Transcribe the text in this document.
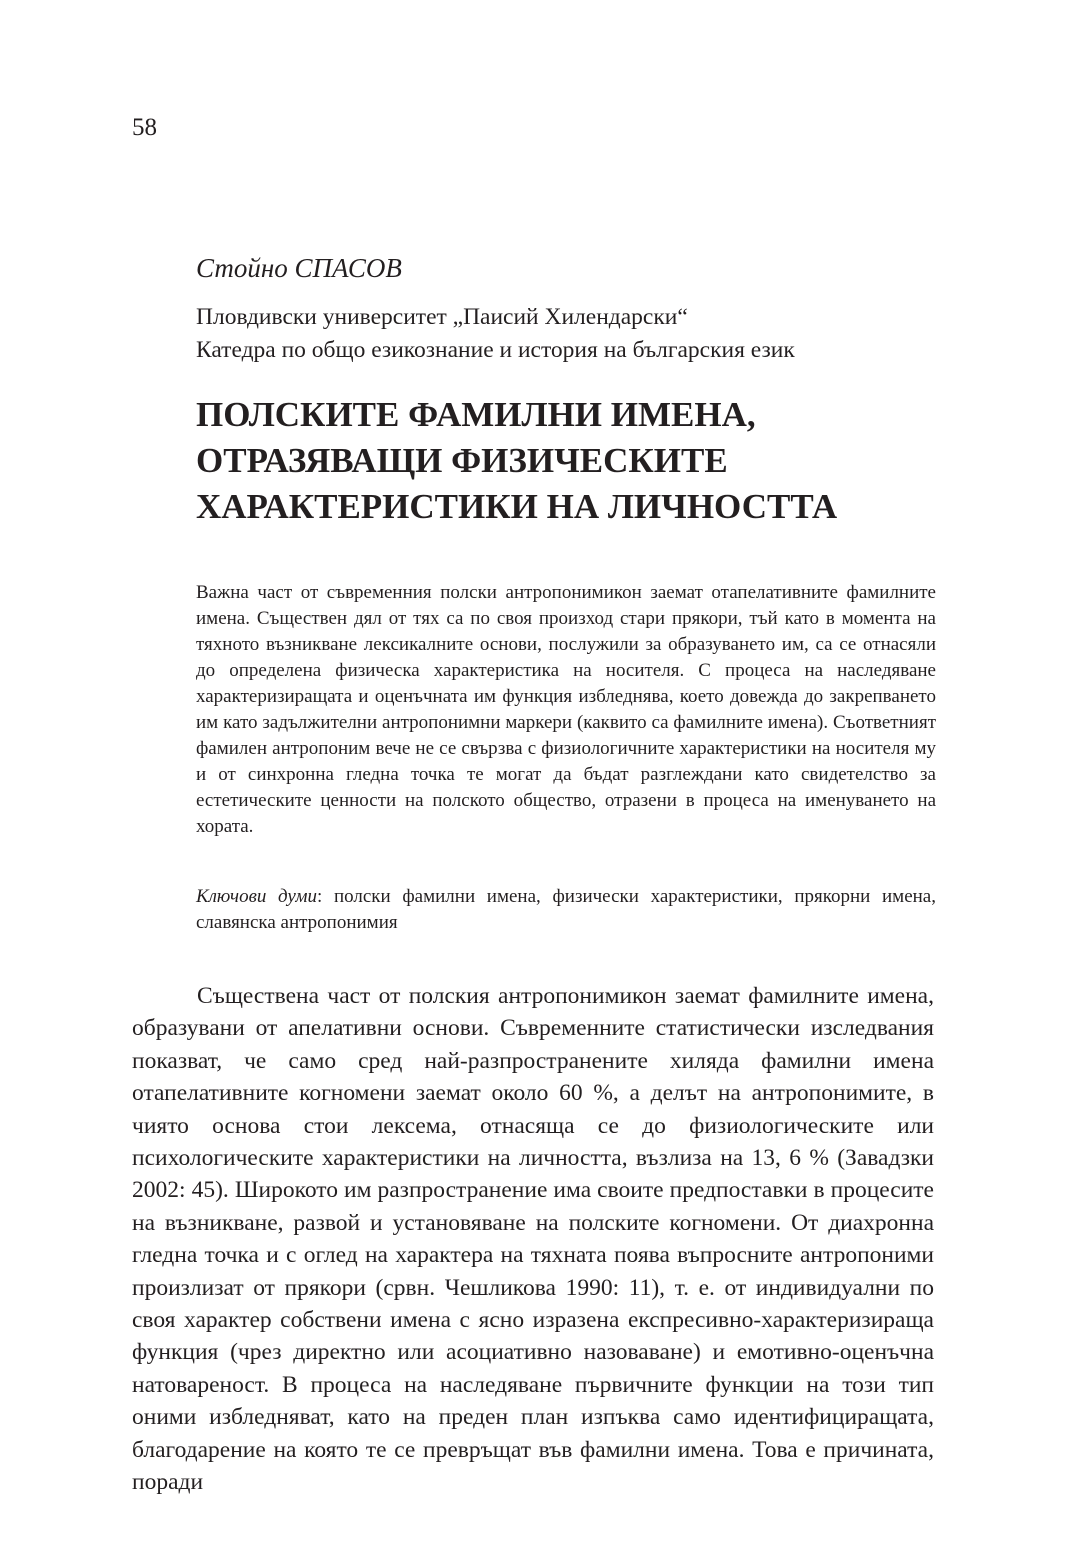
58
Стойно СПАСОВ
Пловдивски университет „Паисий Хилендарски“
Катедра по общо езикознание и история на българския език
ПОЛСКИТЕ ФАМИЛНИ ИМЕНА,
ОТРАЗЯВАЩИ ФИЗИЧЕСКИТЕ
ХАРАКТЕРИСТИКИ НА ЛИЧНОСТТА

Важна част от съвременния полски антропонимикон заемат отапелативните фамилните имена. Съществен дял от тях са по своя произход стари прякори, тъй като в момента на тяхното възникване лексикалните основи, послужили за образуването им, са се отнасяли до определена физическа характеристика на носителя. С процеса на наследяване характеризиращата и оценъчната им функция избледнява, което довежда до закрепването им като задължителни антропонимни маркери (каквито са фамилните имена). Съответният фамилен антропоним вече не се свързва с физиологичните характеристики на носителя му и от синхронна гледна точка те могат да бъдат разглеждани като свидетелство за естетическите ценности на полското общество, отразени в процеса на именуването на хората.

Ключови думи: полски фамилни имена, физически характеристики, прякорни имена, славянска антропонимия

Съществена част от полския антропонимикон заемат фамилните имена, образувани от апелативни основи. Съвременните статистически изследвания показват, че само сред най-разпространените хиляда фамилни имена отапелативните когномени заемат около 60 %, а делът на антропонимите, в чиято основа стои лексема, отнасяща се до физиологическите или психологическите характеристики на личността, възлиза на 13, 6 % (Завадзки 2002: 45). Широкото им разпространение има своите предпоставки в процесите на възникване, развой и установяване на полските когномени. От диахронна гледна точка и с оглед на характера на тяхната поява въпросните антропоними произлизат от прякори (срвн. Чешликова 1990: 11), т. е. от индивидуални по своя характер собствени имена с ясно изразена експресивно-характеризираща функция (чрез директно или асоциативно назоваване) и емотивно-оценъчна натовареност. В процеса на наследяване първичните функции на този тип оними избледняват, като на преден план изпъква само идентифициращата, благодарение на която те се превръщат във фамилни имена. Това е причината, поради
